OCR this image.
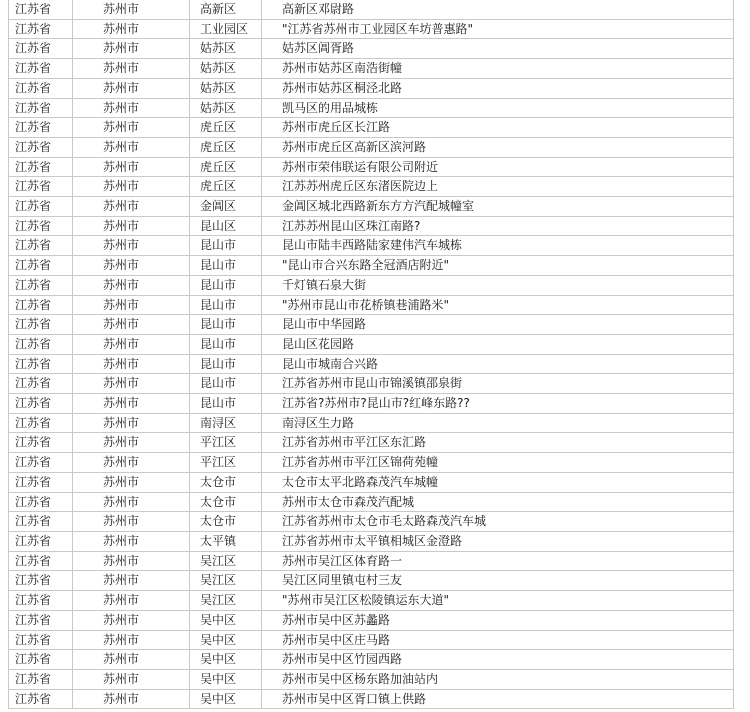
江苏省	苏州市	高新区	高新区邓尉路
江苏省	苏州市	工业园区	"江苏省苏州市工业园区车坊普惠路"
江苏省	苏州市	姑苏区	姑苏区阊胥路
江苏省	苏州市	姑苏区	苏州市姑苏区南浩街幢
江苏省	苏州市	姑苏区	苏州市姑苏区桐泾北路
江苏省	苏州市	姑苏区	凯马区的用品城栋
江苏省	苏州市	虎丘区	苏州市虎丘区长江路
江苏省	苏州市	虎丘区	苏州市虎丘区高新区滨河路
江苏省	苏州市	虎丘区	苏州市荣伟联运有限公司附近
江苏省	苏州市	虎丘区	江苏苏州虎丘区东渚医院边上
江苏省	苏州市	金阊区	金阊区城北西路新东方方汽配城幢室
江苏省	苏州市	昆山区	江苏苏州昆山区珠江南路?
江苏省	苏州市	昆山市	昆山市陆丰西路陆家建伟汽车城栋
江苏省	苏州市	昆山市	"昆山市合兴东路全冠酒店附近"
江苏省	苏州市	昆山市	千灯镇石泉大街
江苏省	苏州市	昆山市	"苏州市昆山市花桥镇巷浦路米"
江苏省	苏州市	昆山市	昆山市中华园路
江苏省	苏州市	昆山市	昆山区花园路
江苏省	苏州市	昆山市	昆山市城南合兴路
江苏省	苏州市	昆山市	江苏省苏州市昆山市锦溪镇邵泉街
江苏省	苏州市	昆山市	江苏省?苏州市?昆山市?红峰东路??
江苏省	苏州市	南浔区	南浔区生力路
江苏省	苏州市	平江区	江苏省苏州市平江区东汇路
江苏省	苏州市	平江区	江苏省苏州市平江区锦荷苑幢
江苏省	苏州市	太仓市	太仓市太平北路森茂汽车城幢
江苏省	苏州市	太仓市	苏州市太仓市森茂汽配城
江苏省	苏州市	太仓市	江苏省苏州市太仓市毛太路森茂汽车城
江苏省	苏州市	太平镇	江苏省苏州市太平镇相城区金澄路
江苏省	苏州市	吴江区	苏州市吴江区体育路一
江苏省	苏州市	吴江区	吴江区同里镇屯村三友
江苏省	苏州市	吴江区	"苏州市吴江区松陵镇运东大道"
江苏省	苏州市	吴中区	苏州市吴中区苏蠡路
江苏省	苏州市	吴中区	苏州市吴中区庄马路
江苏省	苏州市	吴中区	苏州市吴中区竹园西路
江苏省	苏州市	吴中区	苏州市吴中区杨东路加油站内
江苏省	苏州市	吴中区	苏州市吴中区胥口镇上供路
